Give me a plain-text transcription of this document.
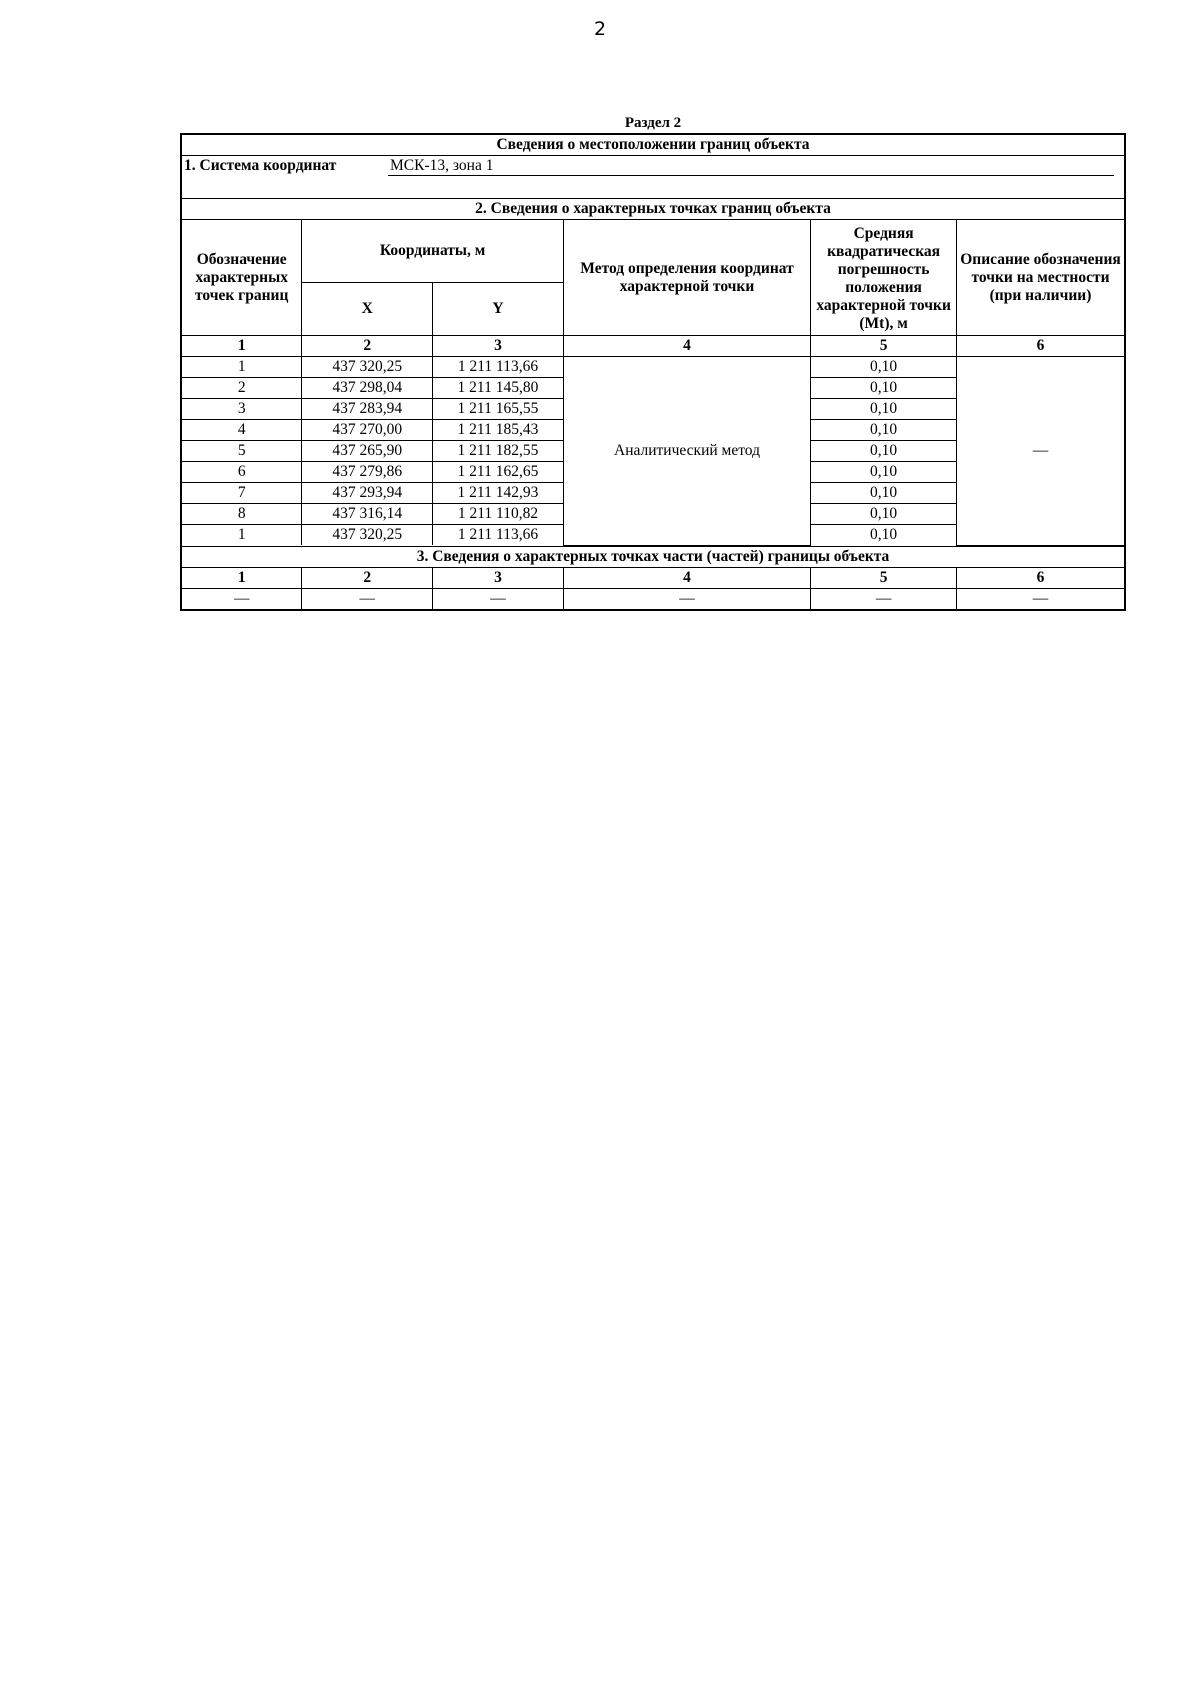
2
Раздел 2
Сведения о местоположении границ объекта
1. Система координат	МСК-13, зона 1
2. Сведения о характерных точках границ объекта
Обозначение характерных точек границ	Координаты, м		Метод определения координат характерной точки	Средняя квадратическая погрешность положения характерной точки (Mt), м	Описание обозначения точки на местности (при наличии)
	X	Y			
1	2	3	4	5	6
1	437 320,25	1 211 113,66	Аналитический метод	0,10	—
2	437 298,04	1 211 145,80		0,10	
3	437 283,94	1 211 165,55		0,10	
4	437 270,00	1 211 185,43		0,10	
5	437 265,90	1 211 182,55		0,10	
6	437 279,86	1 211 162,65		0,10	
7	437 293,94	1 211 142,93		0,10	
8	437 316,14	1 211 110,82		0,10	
1	437 320,25	1 211 113,66		0,10	
3. Сведения о характерных точках части (частей) границы объекта
1	2	3	4	5	6
—	—	—	—	—	—
